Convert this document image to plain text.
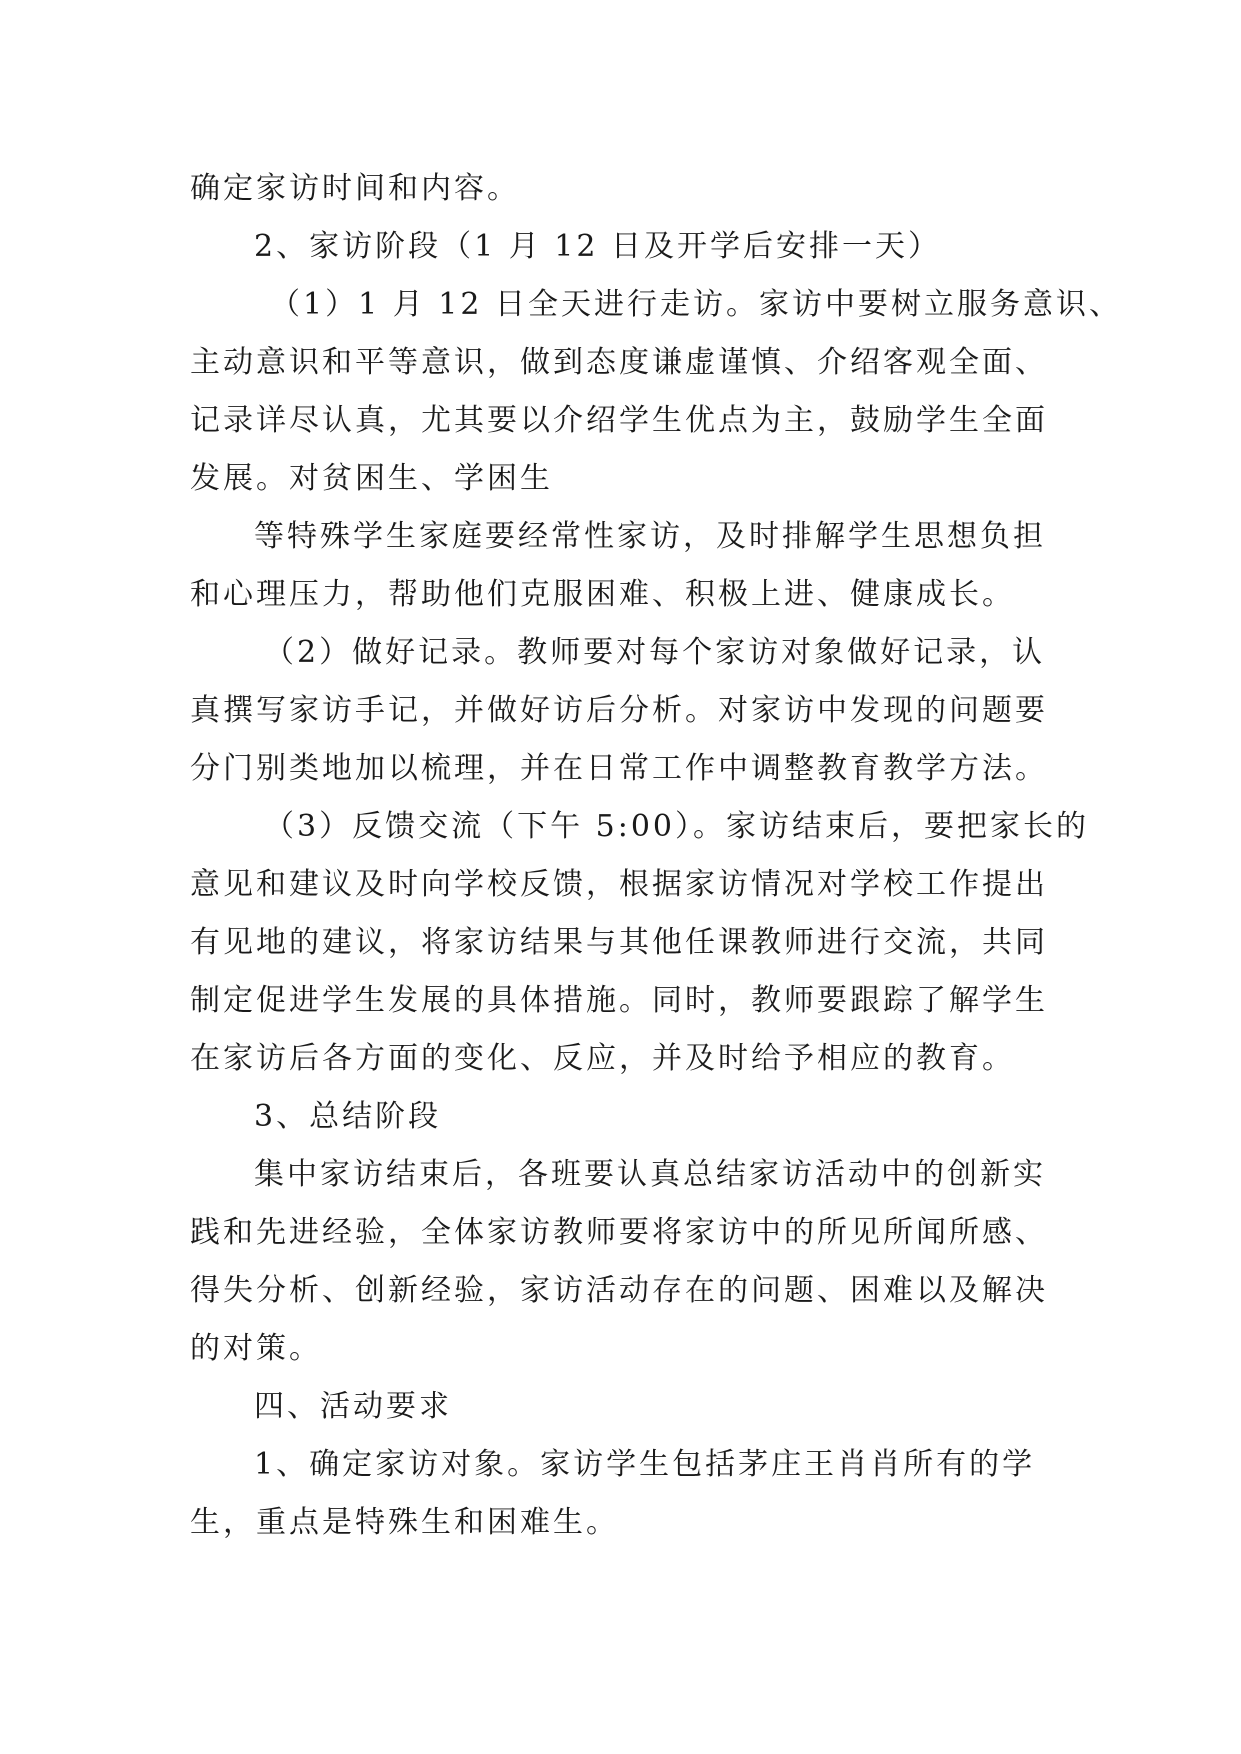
确定家访时间和内容。

2、家访阶段（1 月 12 日及开学后安排一天）

（1）1 月 12 日全天进行走访。家访中要树立服务意识、

主动意识和平等意识，做到态度谦虚谨慎、介绍客观全面、

记录详尽认真，尤其要以介绍学生优点为主，鼓励学生全面

发展。对贫困生、学困生

等特殊学生家庭要经常性家访，及时排解学生思想负担

和心理压力，帮助他们克服困难、积极上进、健康成长。

（2）做好记录。教师要对每个家访对象做好记录，认

真撰写家访手记，并做好访后分析。对家访中发现的问题要

分门别类地加以梳理，并在日常工作中调整教育教学方法。

（3）反馈交流（下午 5:00）。家访结束后，要把家长的

意见和建议及时向学校反馈，根据家访情况对学校工作提出

有见地的建议，将家访结果与其他任课教师进行交流，共同

制定促进学生发展的具体措施。同时，教师要跟踪了解学生

在家访后各方面的变化、反应，并及时给予相应的教育。

3、总结阶段

集中家访结束后，各班要认真总结家访活动中的创新实

践和先进经验，全体家访教师要将家访中的所见所闻所感、

得失分析、创新经验，家访活动存在的问题、困难以及解决

的对策。

四、活动要求

1、确定家访对象。家访学生包括茅庄王肖肖所有的学

生，重点是特殊生和困难生。
